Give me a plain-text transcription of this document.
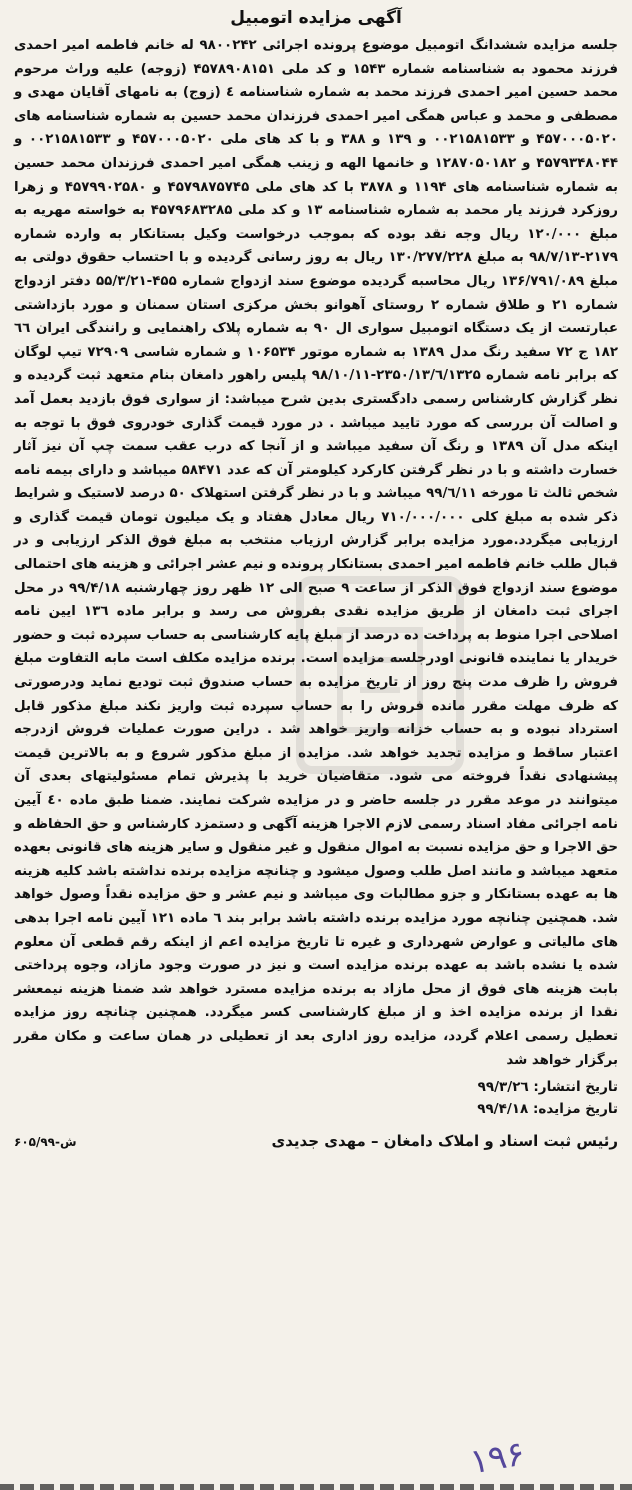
آگهی مزایده اتومبیل

جلسه مزایده ششدانگ اتومبیل موضوع پرونده اجرائی ۹۸۰۰۲۴۲ له خانم فاطمه امیر احمدی فرزند محمود به شناسنامه شماره ۱۵۴۳ و کد ملی ۴۵۷۸۹۰۸۱۵۱ (زوجه) علیه وراث مرحوم محمد حسین امیر احمدی فرزند محمد به شماره شناسنامه ٤ (زوج) به نامهای آقایان مهدی و مصطفی و محمد و عباس همگی امیر احمدی فرزندان محمد حسین به شماره شناسنامه های ۴۵۷۰۰۰۵۰۲۰ و ۰۰۲۱۵۸۱۵۳۳ و ۱۳۹ و ۳۸۸ و با کد های ملی ۴۵۷۰۰۰۵۰۲۰ و ۰۰۲۱۵۸۱۵۳۳ و ۴۵۷۹۳۴۸۰۴۴ و ۱۲۸۷۰۵۰۱۸۲ و خانمها الهه و زینب همگی امیر احمدی فرزندان محمد حسین به شماره شناسنامه های ۱۱۹۴ و ۳۸۷۸ با کد های ملی ۴۵۷۹۸۷۵۷۴۵ و ۴۵۷۹۹۰۲۵۸۰ و زهرا روزکرد فرزند یار محمد به شماره شناسنامه ۱۳ و کد ملی ۴۵۷۹۶۸۳۲۸۵ به خواسته مهریه به مبلغ ۱۲۰/۰۰۰ ریال وجه نقد بوده که بموجب درخواست وکیل بستانکار به وارده شماره ۲۱۷۹-۹۸/۷/۱۳ به مبلغ ۱۳۰/۲۷۷/۲۲۸ ریال به روز رسانی گردیده و با احتساب حقوق دولتی به مبلغ ۱۳۶/۷۹۱/۰۸۹ ریال محاسبه گردیده موضوع سند ازدواج شماره ۴۵۵-۵۵/۳/۲۱ دفتر ازدواج شماره ۲۱ و طلاق شماره ۲ روستای آهوانو بخش مرکزی استان سمنان و مورد بازداشتی عبارتست از یک دستگاه اتومبیل سواری ال ۹۰ به شماره پلاک راهنمایی و رانندگی ایران ٦٦ ۱۸۲ ج ۷۲ سفید رنگ مدل ۱۳۸۹ به شماره موتور ۱۰۶۵۳۴ و شماره شاسی ۷۲۹۰۹ تیپ لوگان که برابر نامه شماره ۲۳۵۰/۱۳/٦/۱۳۲۵-۹۸/۱۰/۱۱ پلیس راهور دامغان بنام متعهد ثبت گردیده و نظر گزارش کارشناس رسمی دادگستری بدین شرح میباشد: از سواری فوق بازدید بعمل آمد و اصالت آن بررسی که مورد تایید میباشد . در مورد قیمت گذاری خودروی فوق با توجه به اینکه مدل آن ۱۳۸۹ و رنگ آن سفید میباشد و از آنجا که درب عقب سمت چپ آن نیز آثار خسارت داشته و با در نظر گرفتن کارکرد کیلومتر آن که عدد ۵۸۴۷۱ میباشد و دارای بیمه نامه شخص ثالث تا مورخه ۹۹/٦/۱۱ میباشد و با در نظر گرفتن استهلاک ۵۰ درصد لاستیک و شرایط ذکر شده به مبلغ کلی ۷۱۰/۰۰۰/۰۰۰ ریال معادل هفتاد و یک میلیون تومان قیمت گذاری و ارزیابی میگردد.مورد مزایده برابر گزارش ارزیاب منتخب به مبلغ فوق الذکر ارزیابی و در قبال طلب خانم فاطمه امیر احمدی بستانکار پرونده و نیم عشر اجرائی و هزینه های احتمالی موضوع سند ازدواج فوق الذکر از ساعت ۹ صبح الی ۱۲ ظهر روز چهارشنبه ۹۹/۴/۱۸ در محل اجرای ثبت دامغان از طریق مزایده نقدی بفروش می رسد و برابر ماده ۱۳٦ ایین نامه اصلاحی اجرا منوط به پرداخت ده درصد از مبلغ پایه کارشناسی به حساب سپرده ثبت و حضور خریدار یا نماینده قانونی اودرجلسه مزایده است. برنده مزایده مکلف است مابه التفاوت مبلغ فروش را ظرف مدت پنج روز از تاریخ مزایده به حساب صندوق ثبت تودیع نماید ودرصورتی که ظرف مهلت مقرر مانده فروش را به حساب سپرده ثبت واریز نکند مبلغ مذکور قابل استرداد نبوده و به حساب خزانه واریز خواهد شد . دراین صورت عملیات فروش ازدرجه اعتبار ساقط و مزایده تجدید خواهد شد. مزایده از مبلغ مذکور شروع و به بالاترین قیمت پیشنهادی نقداً فروخته می شود. متقاضیان خرید با پذیرش تمام مسئولیتهای بعدی آن میتوانند در موعد مقرر در جلسه حاضر و در مزایده شرکت نمایند. ضمنا طبق ماده ٤۰ آیین نامه اجرائی مفاد اسناد رسمی لازم الاجرا هزینه آگهی و دستمزد کارشناس و حق الحفاظه و حق الاجرا و حق مزایده نسبت به اموال منقول و غیر منقول و سایر هزینه های قانونی بعهده متعهد میباشد و مانند اصل طلب وصول میشود و چنانچه مزایده برنده نداشته باشد کلیه هزینه ها به عهده بستانکار و جزو مطالبات وی میباشد و نیم عشر و حق مزایده نقداً وصول خواهد شد. همچنین چنانچه مورد مزایده برنده داشته باشد برابر بند ٦ ماده ۱۲۱ آیین نامه اجرا بدهی های مالیاتی و عوارض شهرداری و غیره تا تاریخ مزایده اعم از اینکه رقم قطعی آن معلوم شده یا نشده باشد به عهده برنده مزایده است و نیز در صورت وجود مازاد، وجوه پرداختی بابت هزینه های فوق از محل مازاد به برنده مزایده مسترد خواهد شد ضمنا هزینه نیمعشر نقدا از برنده مزایده اخذ و از مبلغ کارشناسی کسر میگردد. همچنین چنانچه روز مزایده تعطیل رسمی اعلام گردد، مزایده روز اداری بعد از تعطیلی در همان ساعت و مکان مقرر برگزار خواهد شد

تاریخ انتشار: ۹۹/۳/۲٦
تاریخ مزایده: ۹۹/۴/۱۸
رئیس ثبت اسناد و املاک دامغان – مهدی جدیدی
۶۰۵/۹۹-ش
۱۹۶
